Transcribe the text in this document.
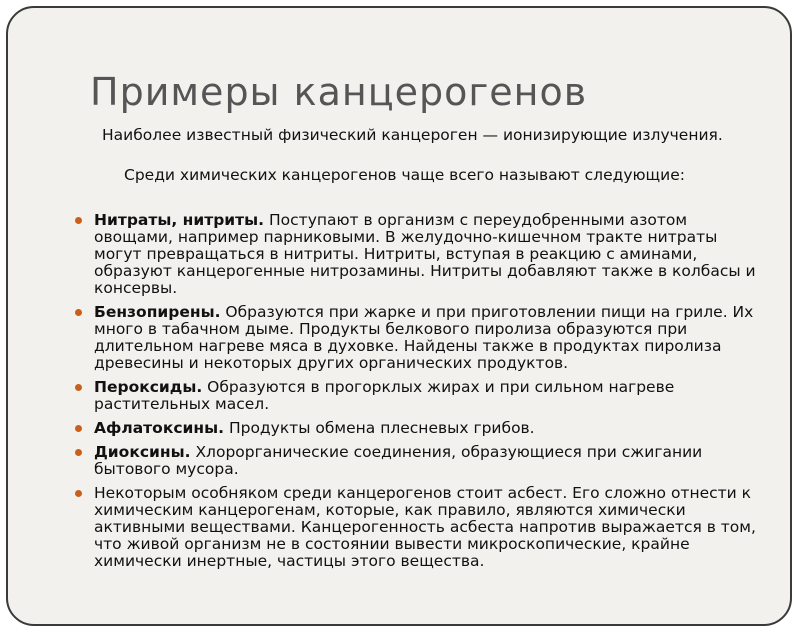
Примеры канцерогенов

Наиболее известный физический канцероген — ионизирующие излучения.

Среди химических канцерогенов чаще всего называют следующие:

Нитраты, нитриты. Поступают в организм с переудобренными азотом овощами, например парниковыми. В желудочно-кишечном тракте нитраты могут превращаться в нитриты. Нитриты, вступая в реакцию с аминами, образуют канцерогенные нитрозамины. Нитриты добавляют также в колбасы и консервы.
Бензопирены. Образуются при жарке и при приготовлении пищи на гриле. Их много в табачном дыме. Продукты белкового пиролиза образуются при длительном нагреве мяса в духовке. Найдены также в продуктах пиролиза древесины и некоторых других органических продуктов.
Пероксиды. Образуются в прогорклых жирах и при сильном нагреве растительных масел.
Афлатоксины. Продукты обмена плесневых грибов.
Диоксины. Хлорорганические соединения, образующиеся при сжигании бытового мусора.
Некоторым особняком среди канцерогенов стоит асбест. Его сложно отнести к химическим канцерогенам, которые, как правило, являются химически активными веществами. Канцерогенность асбеста напротив выражается в том, что живой организм не в состоянии вывести микроскопические, крайне химически инертные, частицы этого вещества.
